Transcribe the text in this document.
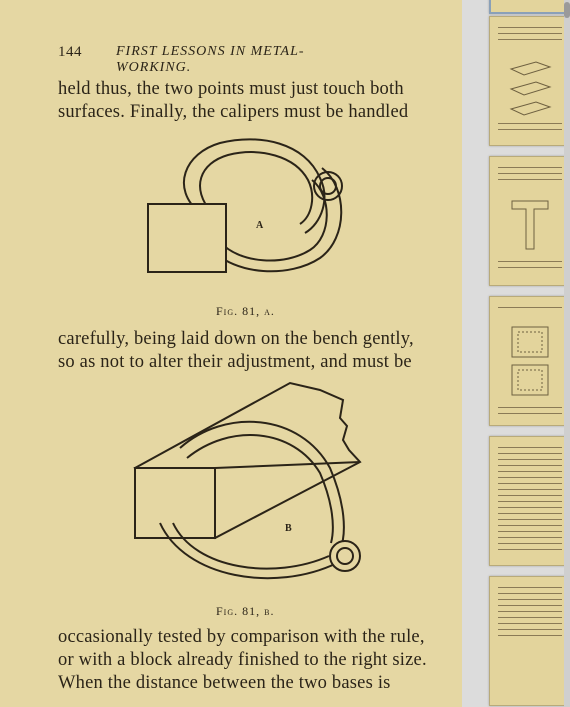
144 FIRST LESSONS IN METAL-WORKING.

held thus, the two points must just touch both
surfaces. Finally, the calipers must be handled

A
Fig. 81, a.

carefully, being laid down on the bench gently,
so as not to alter their adjustment, and must be

B
Fig. 81, b.

occasionally tested by comparison with the rule,
or with a block already finished to the right size.
When the distance between the two bases is
